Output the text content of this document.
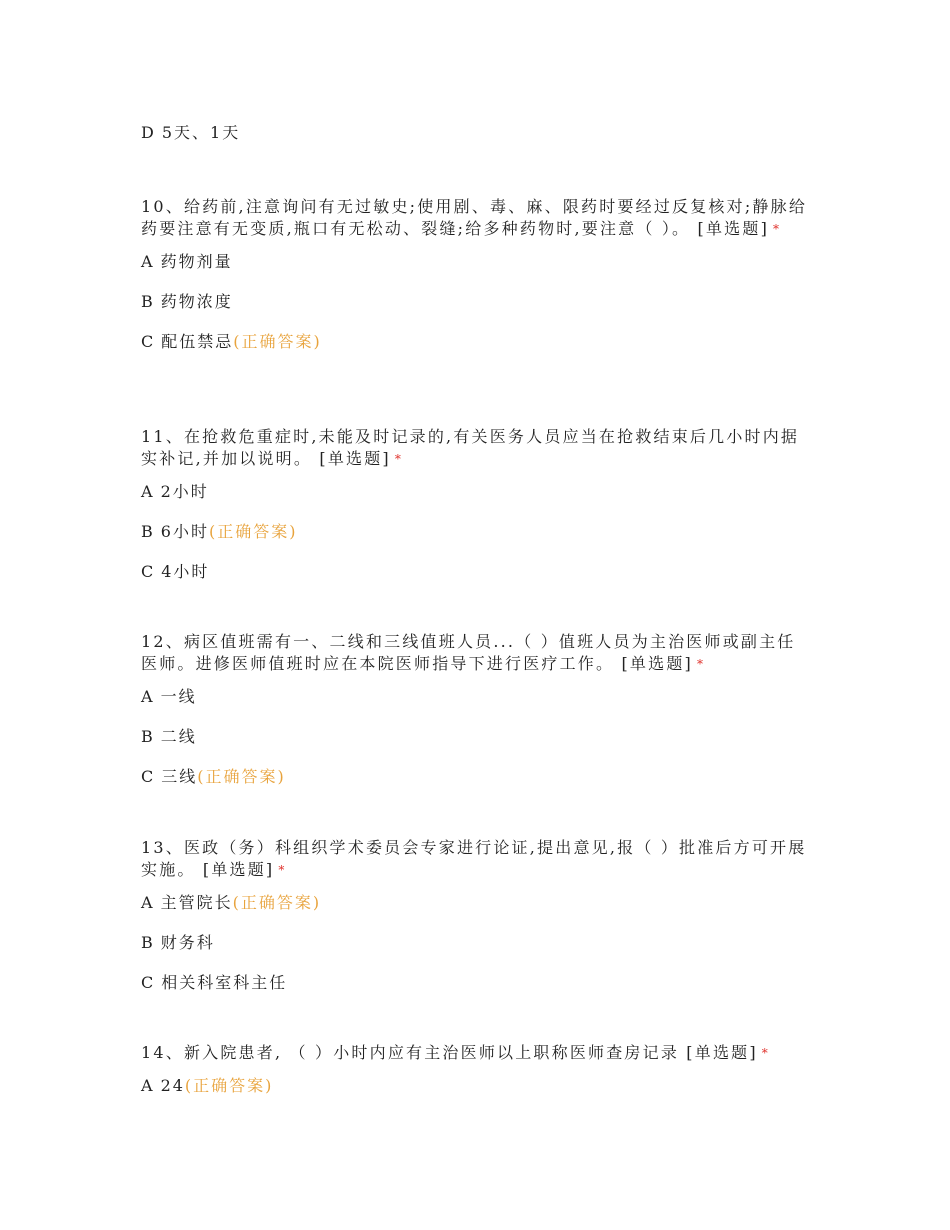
D 5天、1天

10、给药前,注意询问有无过敏史;使用剧、毒、麻、限药时要经过反复核对;静脉给药要注意有无变质,瓶口有无松动、裂缝;给多种药物时,要注意（ ）。 [单选题] *

A 药物剂量
B 药物浓度
C 配伍禁忌(正确答案)

11、在抢救危重症时,未能及时记录的,有关医务人员应当在抢救结束后几小时内据实补记,并加以说明。 [单选题] *

A 2小时
B 6小时(正确答案)
C 4小时

12、病区值班需有一、二线和三线值班人员...（ ）值班人员为主治医师或副主任医师。进修医师值班时应在本院医师指导下进行医疗工作。 [单选题] *

A 一线
B 二线
C 三线(正确答案)

13、医政（务）科组织学术委员会专家进行论证,提出意见,报（ ）批准后方可开展实施。 [单选题] *

A 主管院长(正确答案)
B 财务科
C 相关科室科主任

14、新入院患者, （ ）小时内应有主治医师以上职称医师查房记录 [单选题] *

A 24(正确答案)
